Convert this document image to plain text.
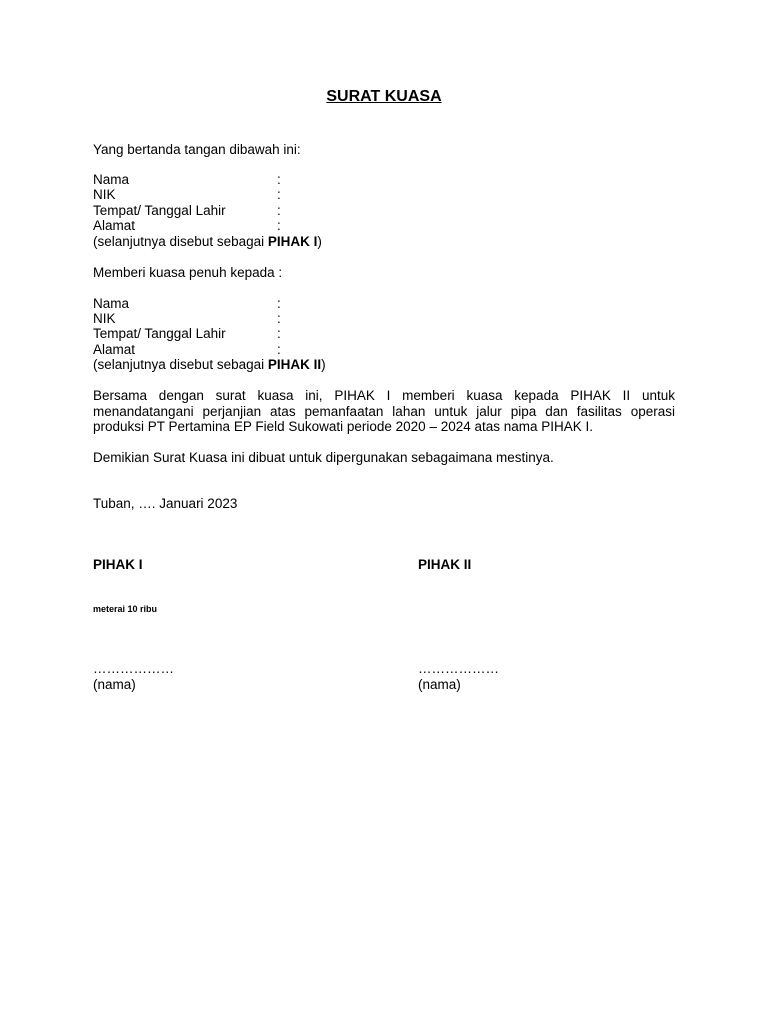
SURAT KUASA
Yang bertanda tangan dibawah ini:
Nama	:
NIK	:
Tempat/ Tanggal Lahir	:
Alamat	:
(selanjutnya disebut sebagai PIHAK I)
Memberi kuasa penuh kepada :
Nama	:
NIK	:
Tempat/ Tanggal Lahir	:
Alamat	:
(selanjutnya disebut sebagai PIHAK II)
Bersama dengan surat kuasa ini, PIHAK I memberi kuasa kepada PIHAK II untuk menandatangani perjanjian atas pemanfaatan lahan untuk jalur pipa dan fasilitas operasi produksi PT Pertamina EP Field Sukowati periode 2020 – 2024 atas nama PIHAK I.
Demikian Surat Kuasa ini dibuat untuk dipergunakan sebagaimana mestinya.
Tuban, …. Januari 2023
PIHAK I	PIHAK II
meterai 10 ribu
………………	………………
(nama)	(nama)
